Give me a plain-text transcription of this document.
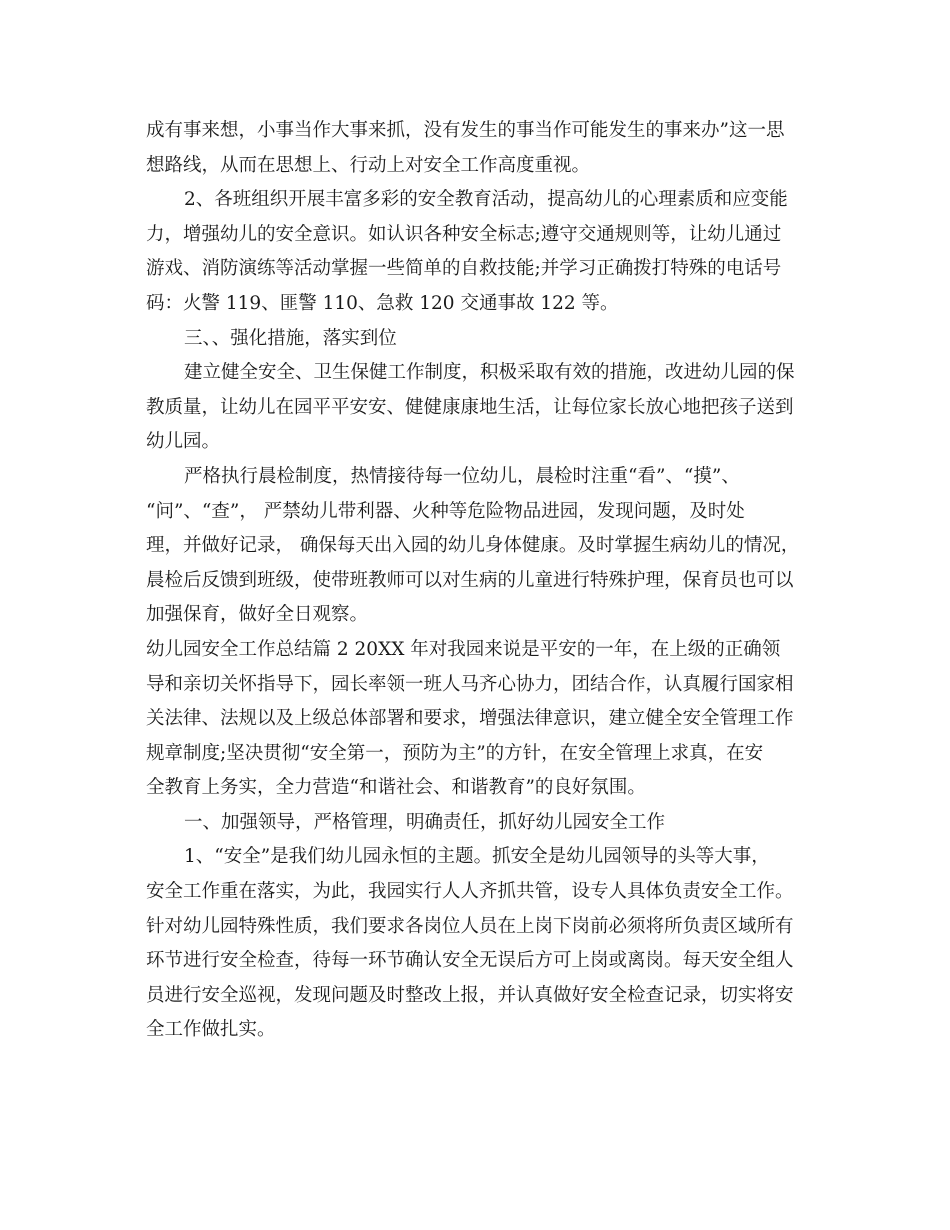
成有事来想，小事当作大事来抓，没有发生的事当作可能发生的事来办”这一思
想路线，从而在思想上、行动上对安全工作高度重视。
2、各班组织开展丰富多彩的安全教育活动，提高幼儿的心理素质和应变能
力，增强幼儿的安全意识。如认识各种安全标志;遵守交通规则等，让幼儿通过
游戏、消防演练等活动掌握一些简单的自救技能;并学习正确拨打特殊的电话号
码：火警 119、匪警 110、急救 120 交通事故 122 等。
三、、强化措施，落实到位
建立健全安全、卫生保健工作制度，积极采取有效的措施，改进幼儿园的保
教质量，让幼儿在园平平安安、健健康康地生活，让每位家长放心地把孩子送到
幼儿园。
严格执行晨检制度，热情接待每一位幼儿，晨检时注重“看”、“摸”、
“问”、“查”， 严禁幼儿带利器、火种等危险物品进园，发现问题，及时处
理，并做好记录， 确保每天出入园的幼儿身体健康。及时掌握生病幼儿的情况，
晨检后反馈到班级，使带班教师可以对生病的儿童进行特殊护理，保育员也可以
加强保育，做好全日观察。
幼儿园安全工作总结篇 2 20XX 年对我园来说是平安的一年，在上级的正确领
导和亲切关怀指导下，园长率领一班人马齐心协力，团结合作，认真履行国家相
关法律、法规以及上级总体部署和要求，增强法律意识，建立健全安全管理工作
规章制度;坚决贯彻“安全第一，预防为主”的方针，在安全管理上求真，在安
全教育上务实，全力营造“和谐社会、和谐教育”的良好氛围。
一、加强领导，严格管理，明确责任，抓好幼儿园安全工作
1、“安全”是我们幼儿园永恒的主题。抓安全是幼儿园领导的头等大事，
安全工作重在落实，为此，我园实行人人齐抓共管，设专人具体负责安全工作。
针对幼儿园特殊性质，我们要求各岗位人员在上岗下岗前必须将所负责区域所有
环节进行安全检查，待每一环节确认安全无误后方可上岗或离岗。每天安全组人
员进行安全巡视，发现问题及时整改上报，并认真做好安全检查记录，切实将安
全工作做扎实。
